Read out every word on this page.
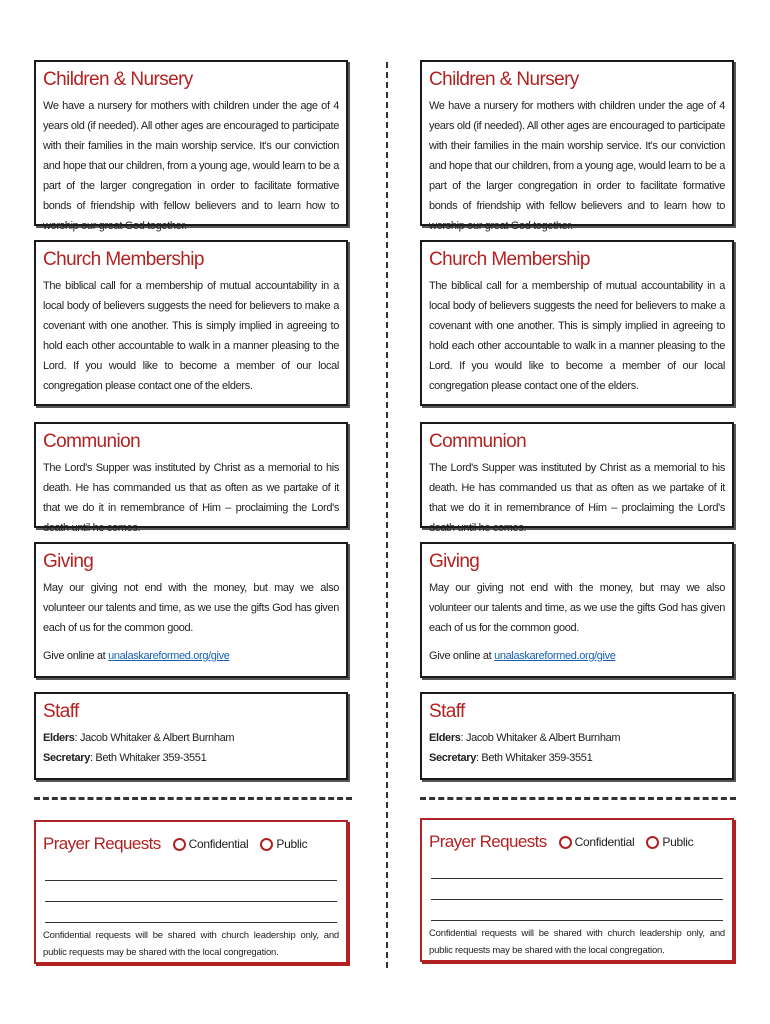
Children & Nursery

We have a nursery for mothers with children under the age of 4 years old (if needed). All other ages are encouraged to participate with their families in the main worship service. It's our conviction and hope that our children, from a young age, would learn to be a part of the larger congregation in order to facilitate formative bonds of friendship with fellow believers and to learn how to worship our great God together.

Church Membership

The biblical call for a membership of mutual accountability in a local body of believers suggests the need for believers to make a covenant with one another. This is simply implied in agreeing to hold each other accountable to walk in a manner pleasing to the Lord. If you would like to become a member of our local congregation please contact one of the elders.

Communion

The Lord's Supper was instituted by Christ as a memorial to his death. He has commanded us that as often as we partake of it that we do it in remembrance of Him – proclaiming the Lord's death until he comes.

Giving

May our giving not end with the money, but may we also volunteer our talents and time, as we use the gifts God has given each of us for the common good.

Give online at unalaskareformed.org/give

Staff

Elders: Jacob Whitaker & Albert Burnham

Secretary: Beth Whitaker 359-3551

Prayer Requests Confidential Public
Confidential requests will be shared with church leadership only, and public requests may be shared with the local congregation.
Children & Nursery

We have a nursery for mothers with children under the age of 4 years old (if needed). All other ages are encouraged to participate with their families in the main worship service. It's our conviction and hope that our children, from a young age, would learn to be a part of the larger congregation in order to facilitate formative bonds of friendship with fellow believers and to learn how to worship our great God together.

Church Membership

The biblical call for a membership of mutual accountability in a local body of believers suggests the need for believers to make a covenant with one another. This is simply implied in agreeing to hold each other accountable to walk in a manner pleasing to the Lord. If you would like to become a member of our local congregation please contact one of the elders.

Communion

The Lord's Supper was instituted by Christ as a memorial to his death. He has commanded us that as often as we partake of it that we do it in remembrance of Him – proclaiming the Lord's death until he comes.

Giving

May our giving not end with the money, but may we also volunteer our talents and time, as we use the gifts God has given each of us for the common good.

Give online at unalaskareformed.org/give

Staff

Elders: Jacob Whitaker & Albert Burnham

Secretary: Beth Whitaker 359-3551

Prayer Requests Confidential Public
Confidential requests will be shared with church leadership only, and public requests may be shared with the local congregation.
